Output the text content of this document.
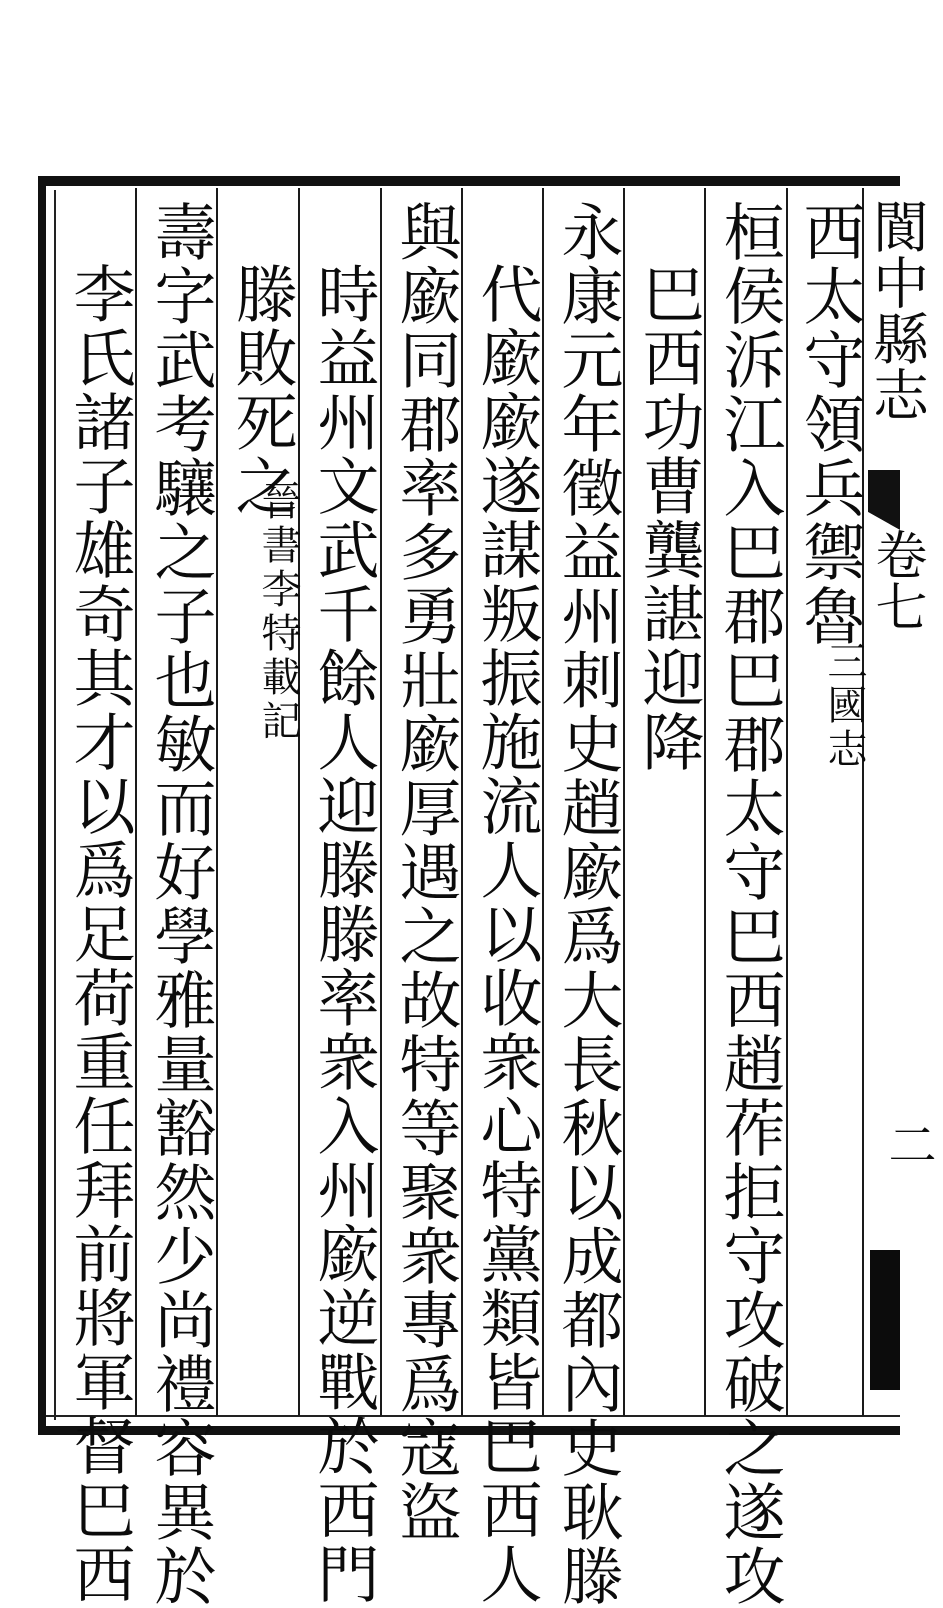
閬中縣志
卷七
二
西太守領兵禦魯
三國志
桓侯泝江入巴郡巴郡太守巴西趙莋拒守攻破之遂攻
巴西功曹龔諶迎降
永康元年徵益州刺史趙廞爲大長秋以成都內史耿滕
代廞廞遂謀叛振施流人以收衆心特黨類皆巴西人
與廞同郡率多勇壯廞厚遇之故特等聚衆專爲寇盜
時益州文武千餘人迎滕滕率衆入州廞逆戰於西門
滕敗死之
晉書李特載記
壽字武考驤之子也敏而好學雅量豁然少尚禮容異於
李氏諸子雄奇其才以爲足荷重任拜前將軍督巴西
